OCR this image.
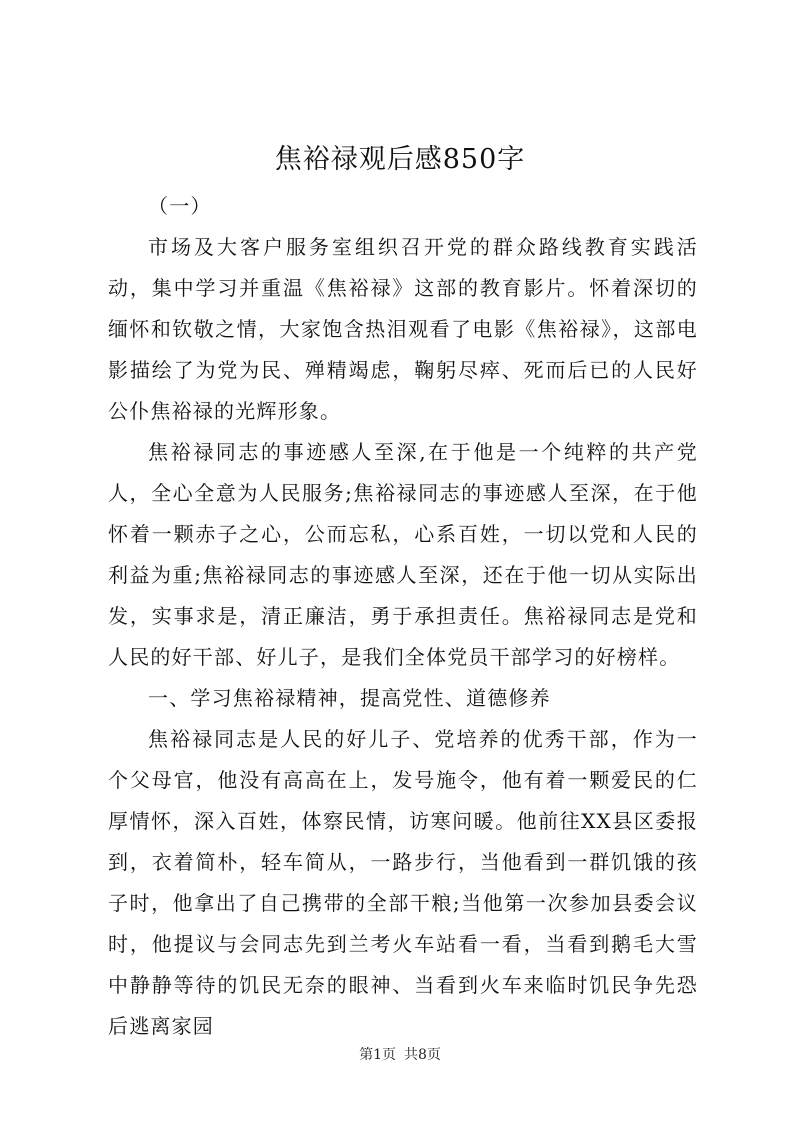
焦裕禄观后感850字

（一）

市场及大客户服务室组织召开党的群众路线教育实践活动，集中学习并重温《焦裕禄》这部的教育影片。怀着深切的缅怀和钦敬之情，大家饱含热泪观看了电影《焦裕禄》，这部电影描绘了为党为民、殚精竭虑，鞠躬尽瘁、死而后已的人民好公仆焦裕禄的光辉形象。

焦裕禄同志的事迹感人至深,在于他是一个纯粹的共产党人，全心全意为人民服务;焦裕禄同志的事迹感人至深，在于他怀着一颗赤子之心，公而忘私，心系百姓，一切以党和人民的利益为重;焦裕禄同志的事迹感人至深，还在于他一切从实际出发，实事求是，清正廉洁，勇于承担责任。焦裕禄同志是党和人民的好干部、好儿子，是我们全体党员干部学习的好榜样。

一、学习焦裕禄精神，提高党性、道德修养

焦裕禄同志是人民的好儿子、党培养的优秀干部，作为一个父母官，他没有高高在上，发号施令，他有着一颗爱民的仁厚情怀，深入百姓，体察民情，访寒问暖。他前往XX县区委报到，衣着简朴，轻车简从，一路步行，当他看到一群饥饿的孩子时，他拿出了自己携带的全部干粮;当他第一次参加县委会议时，他提议与会同志先到兰考火车站看一看，当看到鹅毛大雪中静静等待的饥民无奈的眼神、当看到火车来临时饥民争先恐后逃离家园

第1页 共8页
